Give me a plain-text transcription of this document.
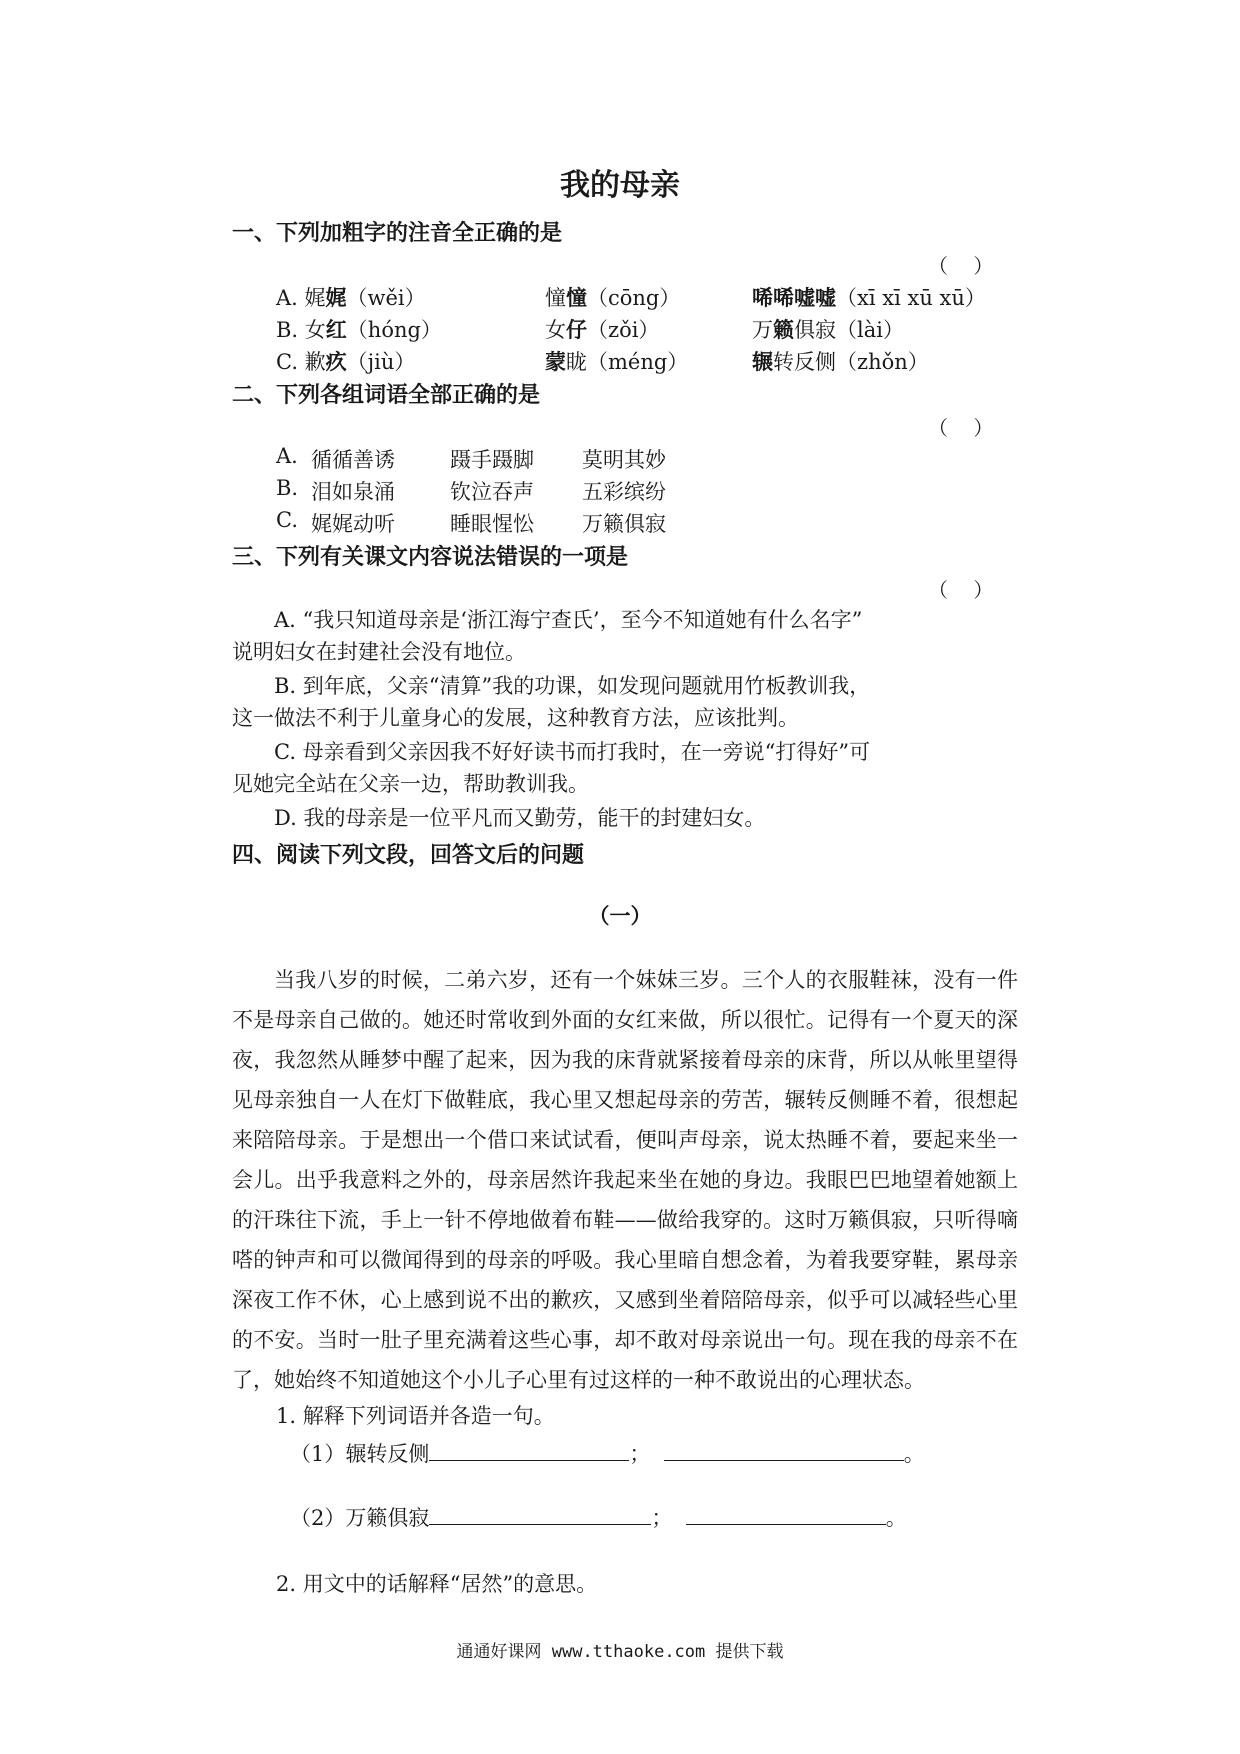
我的母亲
一、下列加粗字的注音全正确的是
（    ）
A. 娓娓（wěi）	憧憧（cōng）	唏唏嘘嘘（xī xī xū xū）
B. 女红（hóng）	女仔（zǒi）	万籁俱寂（lài）
C. 歉疚（jiù）	蒙眬（méng）	辗转反侧（zhǒn）
二、下列各组词语全部正确的是
（    ）
A. 循循善诱	蹑手蹑脚 莫明其妙
B. 泪如泉涌	钦泣吞声 五彩缤纷
C. 娓娓动听	睡眼惺忪 万籁俱寂
三、下列有关课文内容说法错误的一项是
（    ）
A. “我只知道母亲是‘浙江海宁查氏’，至今不知道她有什么名字”
说明妇女在封建社会没有地位。
B. 到年底，父亲“清算”我的功课，如发现问题就用竹板教训我，
这一做法不利于儿童身心的发展，这种教育方法，应该批判。
C. 母亲看到父亲因我不好好读书而打我时，在一旁说“打得好”可
见她完全站在父亲一边，帮助教训我。
D. 我的母亲是一位平凡而又勤劳，能干的封建妇女。
四、阅读下列文段，回答文后的问题
（一）
当我八岁的时候，二弟六岁，还有一个妹妹三岁。三个人的衣服鞋袜，没有一件不是母亲自己做的。她还时常收到外面的女红来做，所以很忙。记得有一个夏天的深夜，我忽然从睡梦中醒了起来，因为我的床背就紧接着母亲的床背，所以从帐里望得见母亲独自一人在灯下做鞋底，我心里又想起母亲的劳苦，辗转反侧睡不着，很想起来陪陪母亲。于是想出一个借口来试试看，便叫声母亲，说太热睡不着，要起来坐一会儿。出乎我意料之外的，母亲居然许我起来坐在她的身边。我眼巴巴地望着她额上的汗珠往下流，手上一针不停地做着布鞋——做给我穿的。这时万籁俱寂，只听得嘀嗒的钟声和可以微闻得到的母亲的呼吸。我心里暗自想念着，为着我要穿鞋，累母亲深夜工作不休，心上感到说不出的歉疚，又感到坐着陪陪母亲，似乎可以减轻些心里的不安。当时一肚子里充满着这些心事，却不敢对母亲说出一句。现在我的母亲不在了，她始终不知道她这个小儿子心里有过这样的一种不敢说出的心理状态。
1. 解释下列词语并各造一句。
（1）辗转反侧	；	。
（2）万籁俱寂	；	。
2. 用文中的话解释“居然”的意思。
通通好课网 www.tthaoke.com 提供下载
